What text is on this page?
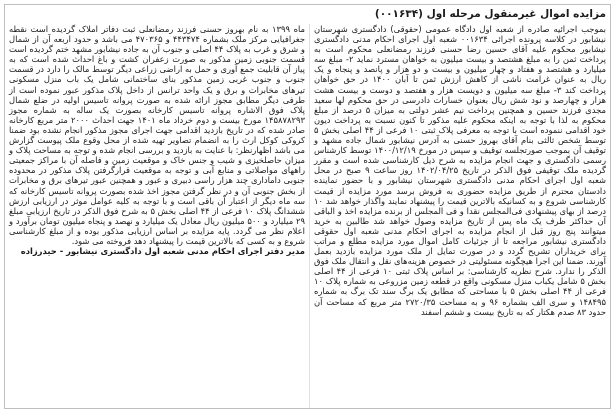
مزایده اموال غیرمنقول مرحله اول (۰۰۱۶۳۴)

بموجب اجرائیه صادره از شعبه اول دادگاه عمومی (حقوقی) دادگستری شهرستان نیشابور در کلاسه پرونده اجرائی ۰۰۱۶۳۴ شعبه اول اجرای احکام مدنی دادگستری نیشابور محکوم علیه آقای حسین رضا حسنی فرزند رمضانعلی محکوم است به پرداخت ثمن را به مبلغ هشتصد و بیست میلیون به خواهان مسترد نماید ۲- مبلغ سه میلیارد و هشتصد و هفتاد و چهار میلیون و بیست و دو هزار و پانصد و پنجاه و یک ریال به عنوان غرامت ناشی از کاهش ارزش ثمن تا آبان ۱۴۰۰ در حق خواهان پرداخت کند ۳- مبلغ سه میلیون و دویست هزار و هفتصد و دوست و بیست هشت هزار و چهارصد و نود شش ریال بعنوان خسارات دادرسی در حق محکوم لها سعید مجدی فرزند حسین و همچنین پرداخت نیم عشر دولتی به میزان ۵ درصد از مبلغ محکوم به لذا با توجه به اینکه محکوم علیه مذکور تا کنون نسبت به پرداخت دیون خود اقدامی ننموده است با توجه به معرفی پلاک ثبتی ۱۰ فرعی از ۴۴ اصلی بخش ۵ توسط شخص ثالثی بنام آقای بهروز حسنی به آدرس نیشابور شمال جاده مشهد و توقیف آن بموجب صورتجلسه توقیف و سپس در مورخ ۱۴۰۰/۱۲/۱۹ توسط کارشناس رسمی دادگستری و جهت انجام مزایده به شرح ذیل کارشناسی شده است و مقرر گردیده ملک توقیفی فوق الذکر در تاریخ ۱۴۰۲/۰۴/۲۵ روز ساعت ۹ صبح در محل شعبه اول اجرای احکام مدنی دادگستری شهرستان نیشابور و با حضور نماینده دادستان محترم از طریق مزایده حضوری به فروش برسد مورد مزایده از قیمت کارشناسی شروع و به کسانیکه بالاترین قیمت را پیشنهاد نمایند واگذار خواهد شد ۱۰ درصد از بهای پیشنهادی فی‌المجلس نقدا و فی المجلس از برنده مزایده اخذ و الباقی آن حداکثر ظرف یک ماه پس از تاریخ مزایده وصول خواهد شد طالبین به خرید میتوانند پنج روز قبل از انجام مزایده به اجرای احکام مدنی شعبه اول حقوقی دادگستری نیشابور مراجعه تا از جزئیات کامل اموال مورد مزایده مطلع و مراتب برای خریداران تشریح گردد و در صورت تمایل از ملک مورد مزایده بازدید بعمل آورند. ضمنا این اجرا هیچگونه مسئولیتی در خصوص هزینه‌های نقل و انتقال ملک فوق الذکر را ندارد. شرح نظریه کارشناسی: بر اساس پلاک ثبتی ۱۰ فرعی از ۴۴ اصلی بخش ۵ شامل یکباب منزل مسکونی واقع در قطعه زمین مزروعی به شماره پلاک ۱۰ فرعی از ۴۴ اصلی بخش ۵ با مساحتی که مطابق یک برگ سند تک برگ به شماره ۱۴۸۴۹۵ و سری الف بشماره ۹۶ و به مساحت ۲۷۲۰/۳۵ متر مربع که مساحت آن حدود ۸۳ صدم هکتار که به تاریخ بیست و ششم اسفند

ماه ۱۳۹۹ به نام بهروز حسنی فرزند رمضانعلی ثبت دفاتر املاک گردیده است نقطه جغرافیایی مرکز ملک بشماره ۴۴۳۴۷۴ و ۴۷۰۳۶۵ می باشد و حدود اربعه آن از شمال و شرق و غرب به پلاک ۴۴ اصلی و جنوب آن به جاده نیشابور مشهد ختم گردیده است قسمت جنوبی زمین مذکور به صورت زعفران کشت و باغ احداث شده است که به پیاز آن قابلیت جمع آوری و حمل به اراضی زراعی دیگر توسط مالک را دارد در قسمت جنوب و جنوب غربی زمین مذکور بنای ساختمانی شامل یک باب منزل مسکونی تیرهای مخابرات و برق و یک واحد ترانس از داخل پلاک مذکور عبور نموده است از طرفی دیگر مطابق مجوز ارائه شده به صورت پروانه تاسیس اولیه در ضلع شمال پلاک فوق الاشاره پروانه تاسیس کارخانه بصورت یک ساله به شماره مجوز ۱۴۵۸۷۸۲۹۳ مورخ بیست و دوم خرداد ماه ۱۴۰۱ جهت احداث ۲۰۰۰ متر مربع کارخانه صادر شده که در تاریخ بازدید اقدامی جهت اجرای مجوز مذکور انجام نشده بود ضمنا کروکی کوکل ارث را به انضمام تصاویر تهیه شده از محل وقوع ملک پیوست گزارش می باشد اظهارنظر: با عنایت به بازدید و بررسی انجام شده و توجه به مساحت پلاک و میزان حاصلخیزی و شیب و جنس خاک و موقعیت زمین و فاصله آن با مراکز جمعیتی راههای مواصلاتی و منابع آبی و توجه به موقعیت قرارگرفتن پلاک مذکور در محدوده جنوبی داماداری چند هزار راسی دبیری و عبور و همچنین عبور تیرهای برق و مخابرات از بخش جنوبی آن و در نظر گرفتن مجوز اخذ شده بصورت پروانه تاسیس کارخانه که سه ماه دیگر از اعتبار آن باقی است و با توجه به کلیه عوامل موثر در ارزیابی ارزش ششدانگ پلاک ۱۰ فرعی از ۴۴ اصلی بخش ۵ به شرح فوق الذکر در تاریخ ارزیابی مبلغ ۲۹ میلیارد و ۵۰۰ میلیون ریال معادل یک میلیارد و نهصد و پنجاه میلیون تومان برآورد و اعلام نظر می گردد. پایه مزایده بر اساس ارزیابی مذکور بوده و از مبلغ کارشناسی شروع و به کسی که بالاترین قیمت را پیشنهاد دهد فروخته می شود.

مدیر دفتر اجرای احکام مدنی شعبه اول دادگستری نیشابور - حیدرزاده
